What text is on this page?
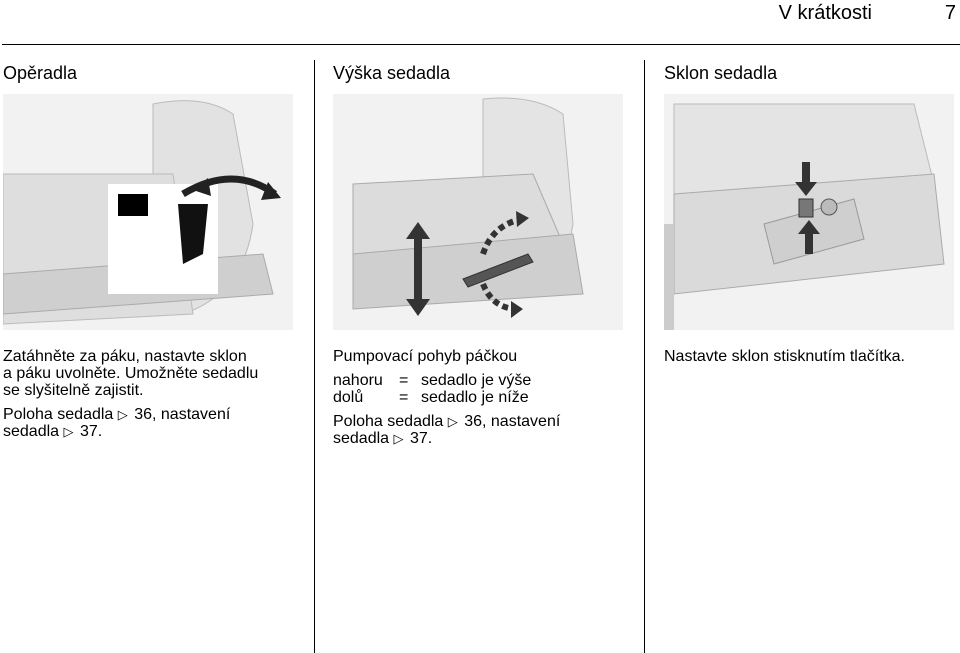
V krátkosti	7
Opěradla

Zatáhněte za páku, nastavte sklon
a páku uvolněte. Umožněte sedadlu
se slyšitelně zajistit.

Poloha sedadla ▷ 36, nastavení
sedadla ▷ 37.

Výška sedadla

Pumpovací pohyb páčkou

nahoru	=	sedadlo je výše
dolů	=	sedadlo je níže

Poloha sedadla ▷ 36, nastavení
sedadla ▷ 37.

Sklon sedadla

Nastavte sklon stisknutím tlačítka.
